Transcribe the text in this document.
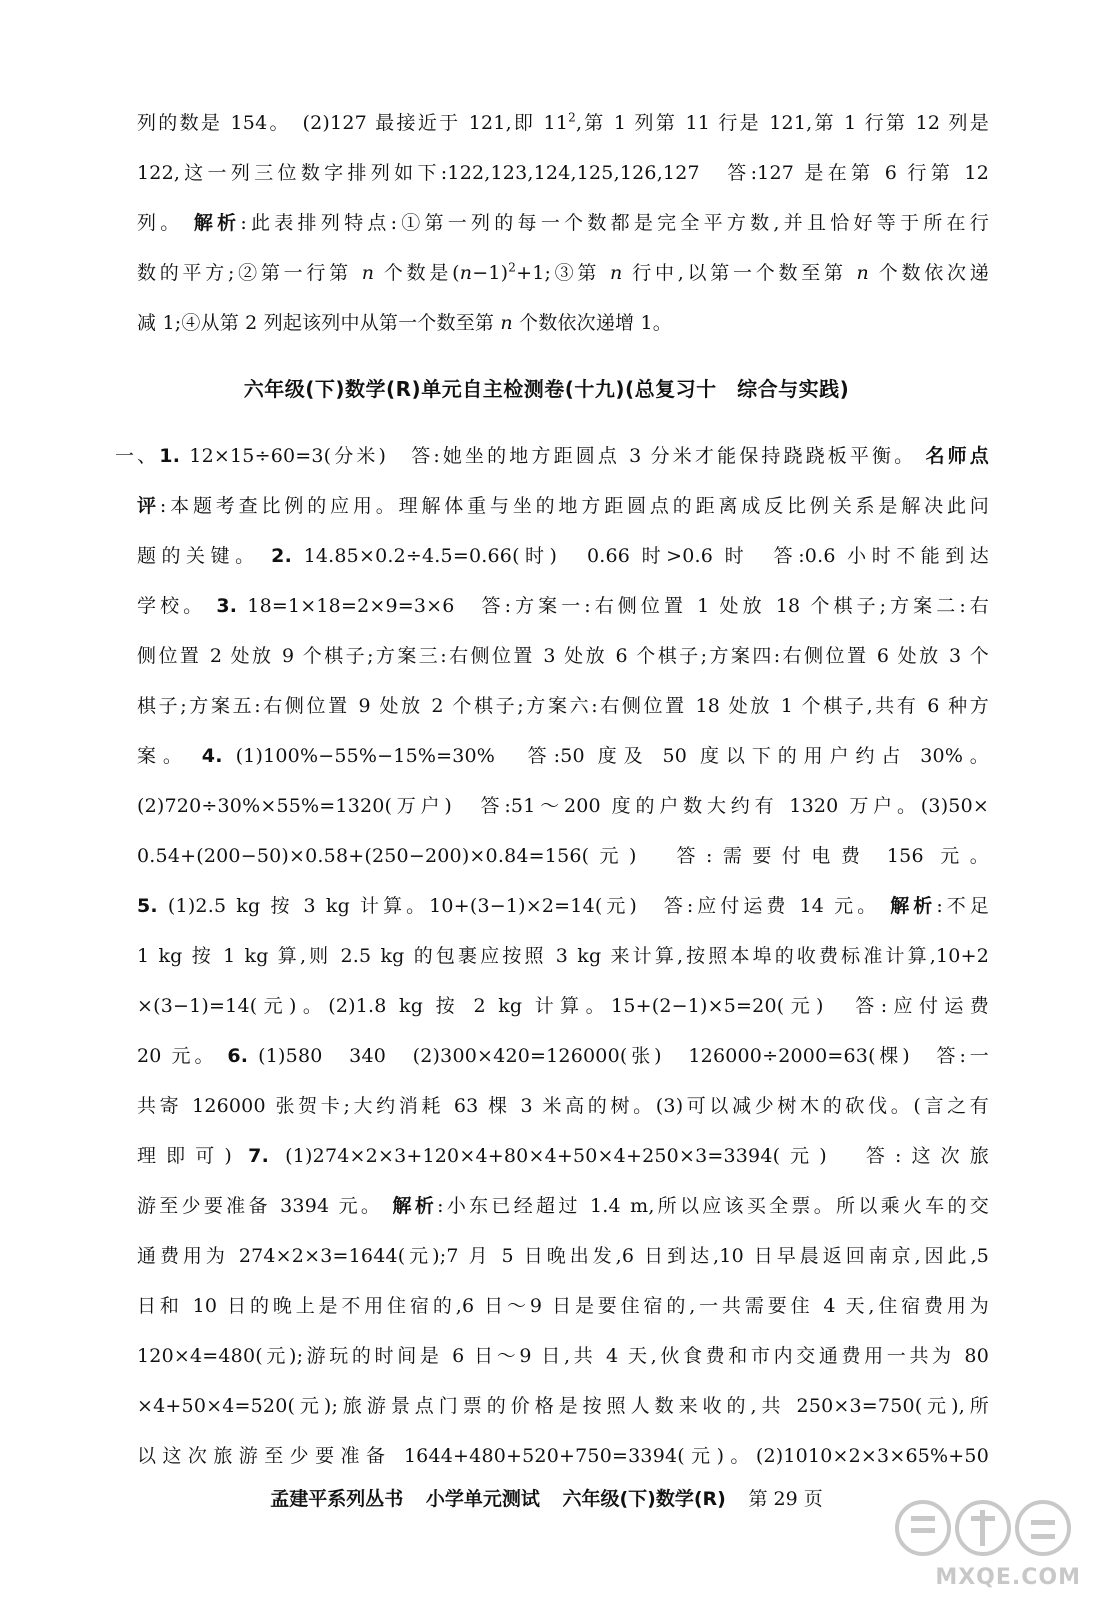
列的数是 154。　(2)127 最接近于 121,即 $11^2$,第 1 列第 11 行是 121,第 1 行第 12 列是
122,这一列三位数字排列如下:122,123,124,125,126,127　答:127 是在第 6 行第 12
列。 解析:此表排列特点:①第一列的每一个数都是完全平方数,并且恰好等于所在行
数的平方;②第一行第 n 个数是$(n-1)^2+1;③$第 n 行中,以第一个数至第 n 个数依次递
减 1;④从第 2 列起该列中从第一个数至第 n 个数依次递增 1。
六年级(下)数学(R)单元自主检测卷(十九)(总复习十　综合与实践)
一、1. 12×15÷60=3(分米)　答:她坐的地方距圆点 3 分米才能保持跷跷板平衡。 名师点
评:本题考查比例的应用。理解体重与坐的地方距圆点的距离成反比例关系是解决此问
题的关键。 2. 14.85×0.2÷4.5=0.66(时)　0.66 时>0.6 时　答:0.6 小时不能到达
学校。 3. 18=1×18=2×9=3×6　答:方案一:右侧位置 1 处放 18 个棋子;方案二:右
侧位置 2 处放 9 个棋子;方案三:右侧位置 3 处放 6 个棋子;方案四:右侧位置 6 处放 3 个
棋子;方案五:右侧位置 9 处放 2 个棋子;方案六:右侧位置 18 处放 1 个棋子,共有 6 种方
案。 4. (1)100%−55%−15%=30%　答:50 度及 50 度以下的用户约占 30%。
(2)720÷30%×55%=1320(万户)　答:51～200 度的户数大约有 1320 万户。(3)50×
0.54+(200−50)×0.58+(250−200)×0.84=156(元)　答:需要付电费 156 元。
5. (1)2.5 kg 按 3 kg 计算。10+(3−1)×2=14(元)　答:应付运费 14 元。 解析:不足
1 kg 按 1 kg 算,则 2.5 kg 的包裹应按照 3 kg 来计算,按照本埠的收费标准计算,10+2
×(3−1)=14(元)。(2)1.8 kg 按 2 kg 计算。15+(2−1)×5=20(元)　答:应付运费
20 元。 6. (1)580　340　(2)300×420=126000(张)　126000÷2000=63(棵)　答:一
共寄 126000 张贺卡;大约消耗 63 棵 3 米高的树。(3)可以减少树木的砍伐。(言之有
理即可) 7. (1)274×2×3+120×4+80×4+50×4+250×3=3394(元)　答:这次旅
游至少要准备 3394 元。 解析:小东已经超过 1.4 m,所以应该买全票。所以乘火车的交
通费用为 274×2×3=1644(元);7 月 5 日晚出发,6 日到达,10 日早晨返回南京,因此,5
日和 10 日的晚上是不用住宿的,6 日～9 日是要住宿的,一共需要住 4 天,住宿费用为
120×4=480(元);游玩的时间是 6 日～9 日,共 4 天,伙食费和市内交通费用一共为 80
×4+50×4=520(元);旅游景点门票的价格是按照人数来收的,共 250×3=750(元),所
以这次旅游至少要准备 1644+480+520+750=3394(元)。(2)1010×2×3×65%+50
孟建平系列丛书 小学单元测试 六年级(下)数学(R) 第 29 页
MXQE.COM
